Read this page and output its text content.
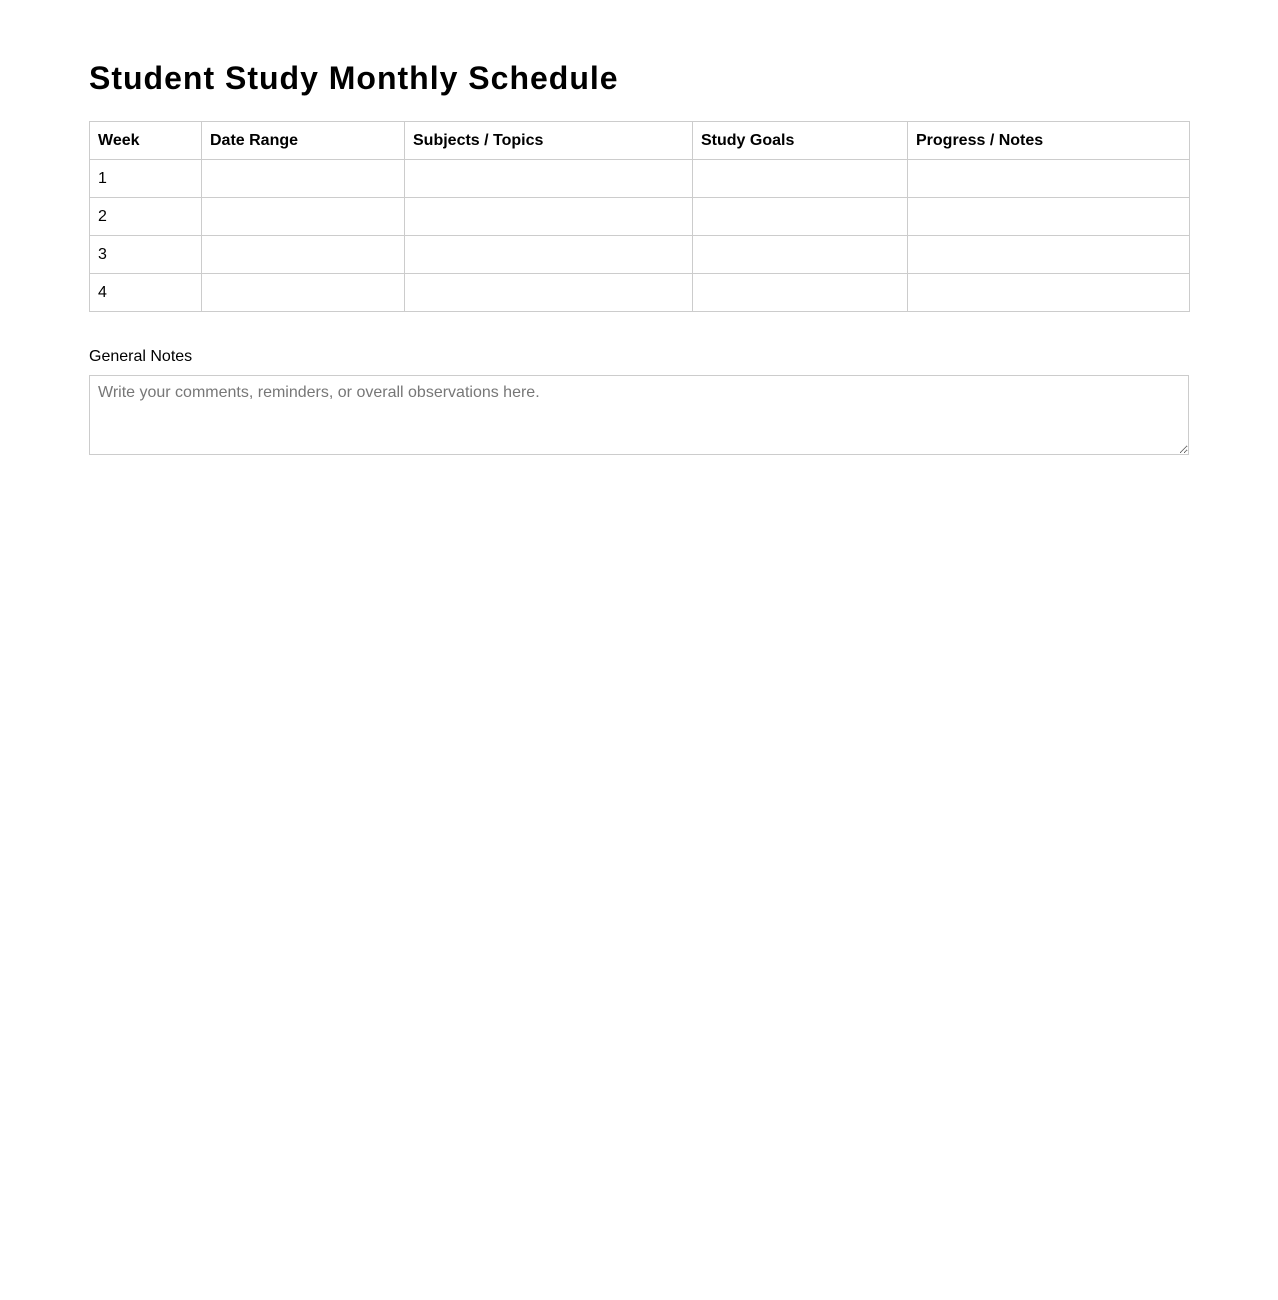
Student Study Monthly Schedule
Week	Date Range	Subjects / Topics	Study Goals	Progress / Notes
1				
2				
3				
4				
General Notes
Write your comments, reminders, or overall observations here.
